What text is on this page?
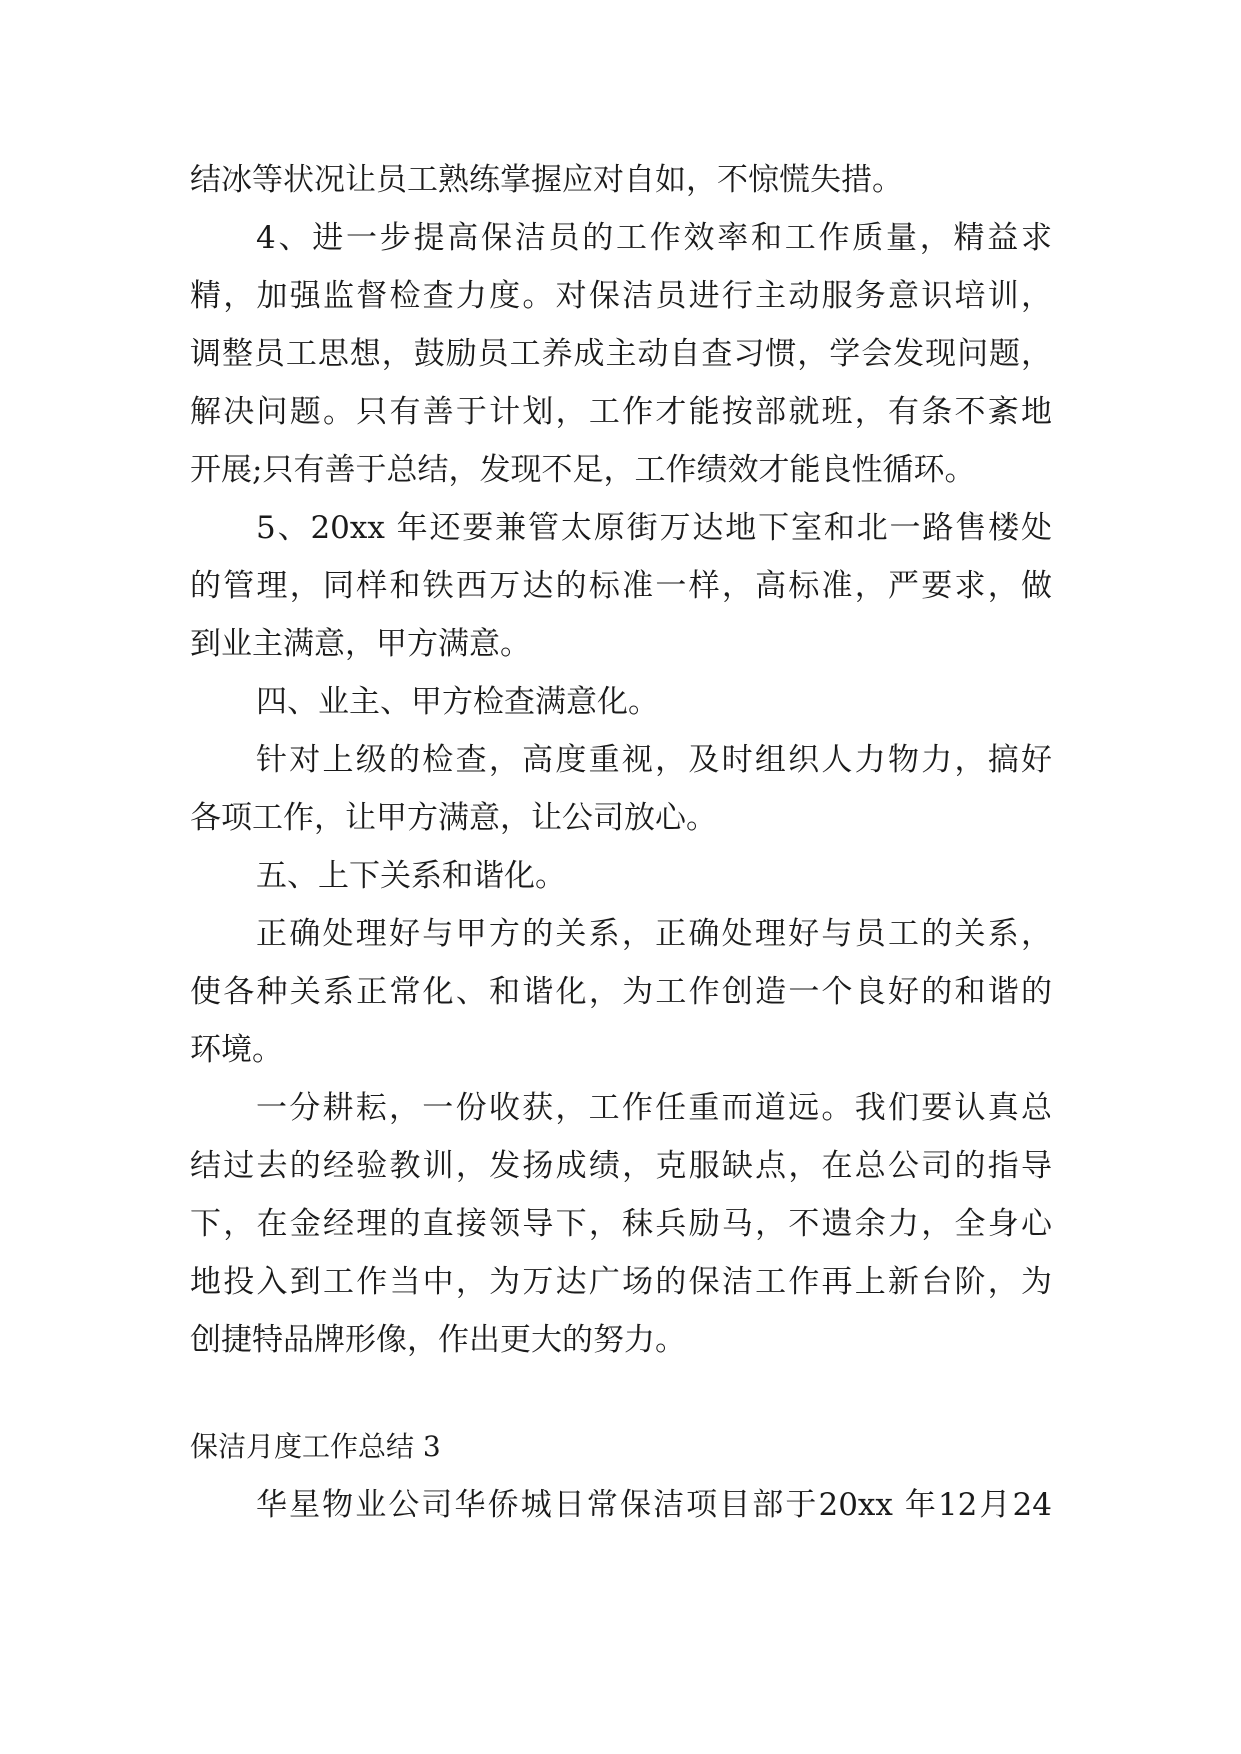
结冰等状况让员工熟练掌握应对自如，不惊慌失措。
4、进一步提高保洁员的工作效率和工作质量，精益求
精，加强监督检查力度。对保洁员进行主动服务意识培训，
调整员工思想，鼓励员工养成主动自查习惯，学会发现问题，
解决问题。只有善于计划，工作才能按部就班，有条不紊地
开展;只有善于总结，发现不足，工作绩效才能良性循环。
5、20xx 年还要兼管太原街万达地下室和北一路售楼处
的管理，同样和铁西万达的标准一样，高标准，严要求，做
到业主满意，甲方满意。
四、业主、甲方检查满意化。
针对上级的检查，高度重视，及时组织人力物力，搞好
各项工作，让甲方满意，让公司放心。
五、上下关系和谐化。
正确处理好与甲方的关系，正确处理好与员工的关系，
使各种关系正常化、和谐化，为工作创造一个良好的和谐的
环境。
一分耕耘，一份收获，工作任重而道远。我们要认真总
结过去的经验教训，发扬成绩，克服缺点，在总公司的指导
下，在金经理的直接领导下，秣兵励马，不遗余力，全身心
地投入到工作当中，为万达广场的保洁工作再上新台阶，为
创捷特品牌形像，作出更大的努力。
保洁月度工作总结 3
华星物业公司华侨城日常保洁项目部于20xx 年12月24
